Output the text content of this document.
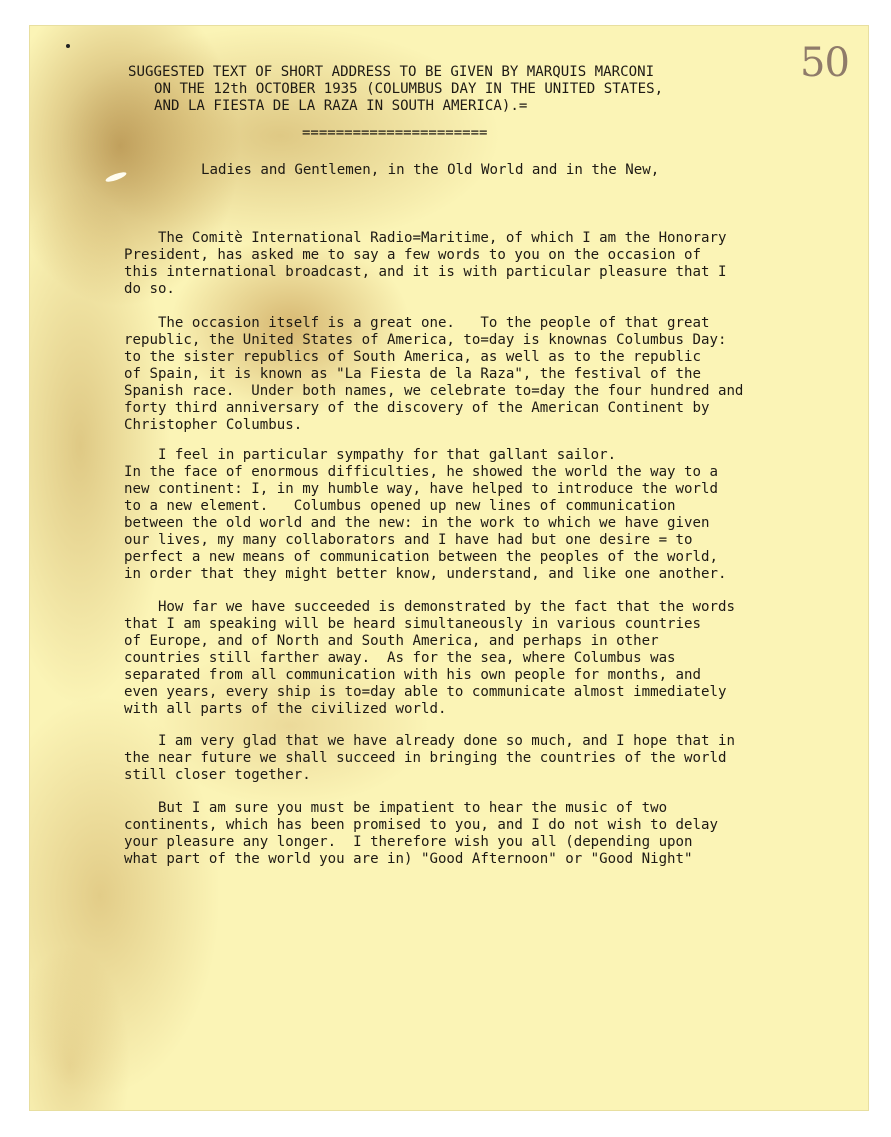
50
SUGGESTED TEXT OF SHORT ADDRESS TO BE GIVEN BY MARQUIS MARCONI
ON THE 12th OCTOBER 1935 (COLUMBUS DAY IN THE UNITED STATES,
AND LA FIESTA DE LA RAZA IN SOUTH AMERICA).=
======================
Ladies and Gentlemen, in the Old World and in the New,
The Comitè International Radio=Maritime, of which I am the Honorary
President, has asked me to say a few words to you on the occasion of
this international broadcast, and it is with particular pleasure that I
do so.
The occasion itself is a great one.   To the people of that great
republic, the United States of America, to=day is knownas Columbus Day:
to the sister republics of South America, as well as to the republic
of Spain, it is known as "La Fiesta de la Raza", the festival of the
Spanish race.  Under both names, we celebrate to=day the four hundred and
forty third anniversary of the discovery of the American Continent by
Christopher Columbus.
I feel in particular sympathy for that gallant sailor.
In the face of enormous difficulties, he showed the world the way to a
new continent: I, in my humble way, have helped to introduce the world
to a new element.   Columbus opened up new lines of communication
between the old world and the new: in the work to which we have given
our lives, my many collaborators and I have had but one desire = to
perfect a new means of communication between the peoples of the world,
in order that they might better know, understand, and like one another.
How far we have succeeded is demonstrated by the fact that the words
that I am speaking will be heard simultaneously in various countries
of Europe, and of North and South America, and perhaps in other
countries still farther away.  As for the sea, where Columbus was
separated from all communication with his own people for months, and
even years, every ship is to=day able to communicate almost immediately
with all parts of the civilized world.
I am very glad that we have already done so much, and I hope that in
the near future we shall succeed in bringing the countries of the world
still closer together.
But I am sure you must be impatient to hear the music of two
continents, which has been promised to you, and I do not wish to delay
your pleasure any longer.  I therefore wish you all (depending upon
what part of the world you are in) "Good Afternoon" or "Good Night"
